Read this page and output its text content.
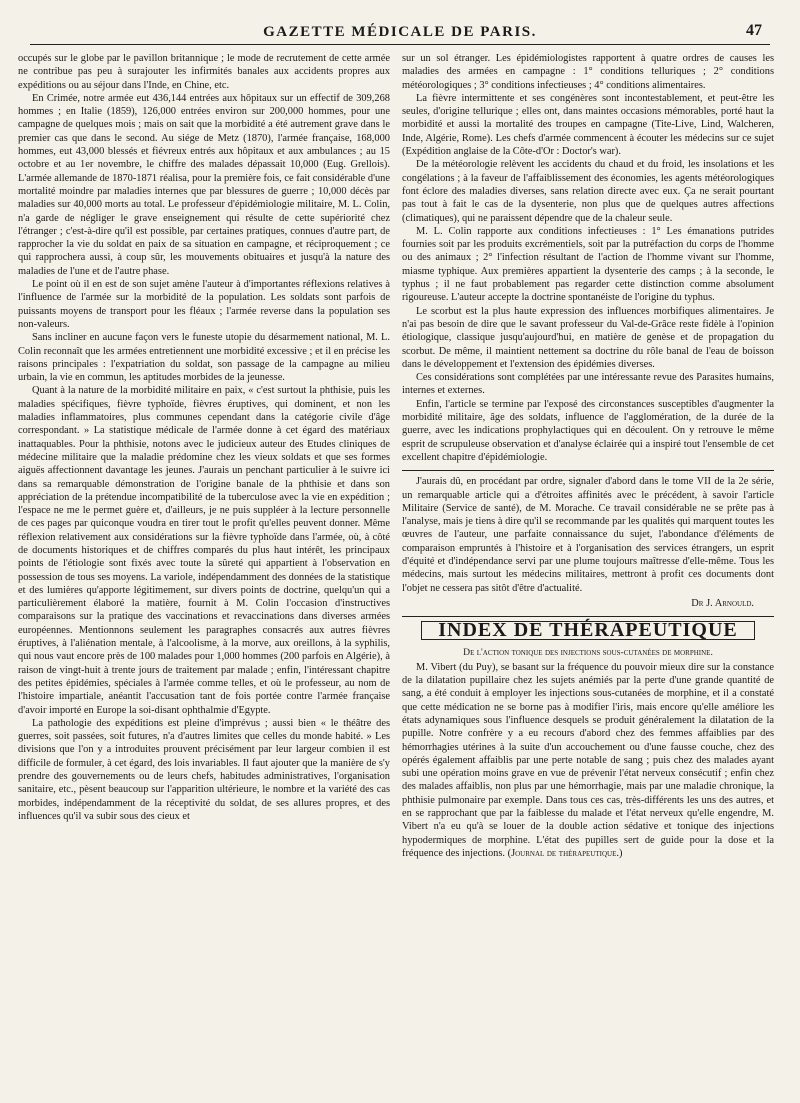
GAZETTE MÉDICALE DE PARIS.	47

occupés sur le globe par le pavillon britannique ; le mode de recrutement de cette armée ne contribue pas peu à surajouter les infirmités banales aux accidents propres aux expéditions ou au séjour dans l'Inde, en Chine, etc.

En Crimée, notre armée eut 436,144 entrées aux hôpitaux sur un effectif de 309,268 hommes ; en Italie (1859), 126,000 entrées environ sur 200,000 hommes, pour une campagne de quelques mois ; mais on sait que la morbidité a été autrement grave dans le premier cas que dans le second. Au siége de Metz (1870), l'armée française, 168,000 hommes, eut 43,000 blessés et fiévreux entrés aux hôpitaux et aux ambulances ; au 15 octobre et au 1er novembre, le chiffre des malades dépassait 10,000 (Eug. Grellois). L'armée allemande de 1870-1871 réalisa, pour la première fois, ce fait considérable d'une mortalité moindre par maladies internes que par blessures de guerre ; 10,000 décès par maladies sur 40,000 morts au total. Le professeur d'épidémiologie militaire, M. L. Colin, n'a garde de négliger le grave enseignement qui résulte de cette supériorité chez l'étranger ; c'est-à-dire qu'il est possible, par certaines pratiques, connues d'autre part, de rapprocher la vie du soldat en paix de sa situation en campagne, et réciproquement ; ce qui rapprochera aussi, à coup sûr, les mouvements obituaires et jusqu'à la nature des maladies de l'une et de l'autre phase.

Le point où il en est de son sujet amène l'auteur à d'importantes réflexions relatives à l'influence de l'armée sur la morbidité de la population. Les soldats sont parfois de puissants moyens de transport pour les fléaux ; l'armée reverse dans la population ses non-valeurs.

Sans incliner en aucune façon vers le funeste utopie du désarmement national, M. L. Colin reconnaît que les armées entretiennent une morbidité excessive ; et il en précise les raisons principales : l'expatriation du soldat, son passage de la campagne au milieu urbain, la vie en commun, les aptitudes morbides de la jeunesse.

Quant à la nature de la morbidité militaire en paix, « c'est surtout la phthisie, puis les maladies spécifiques, fièvre typhoïde, fièvres éruptives, qui dominent, et non les maladies inflammatoires, plus communes cependant dans la catégorie civile d'âge correspondant. » La statistique médicale de l'armée donne à cet égard des matériaux inattaquables. Pour la phthisie, notons avec le judicieux auteur des Etudes cliniques de médecine militaire que la maladie prédomine chez les vieux soldats et que ses formes aiguës affectionnent davantage les jeunes. J'aurais un penchant particulier à le suivre ici dans sa remarquable démonstration de l'origine banale de la phthisie et dans son appréciation de la prétendue incompatibilité de la tuberculose avec la vie en expédition ; l'espace ne me le permet guère et, d'ailleurs, je ne puis suppléer à la lecture personnelle de ces pages par quiconque voudra en tirer tout le profit qu'elles peuvent donner. Même réflexion relativement aux considérations sur la fièvre typhoïde dans l'armée, où, à côté de documents historiques et de chiffres comparés du plus haut intérêt, les principaux points de l'étiologie sont fixés avec toute la sûreté qui appartient à l'observation en possession de tous ses moyens. La variole, indépendamment des données de la statistique et des lumières qu'apporte légitimement, sur divers points de doctrine, quelqu'un qui a particulièrement élaboré la matière, fournit à M. Colin l'occasion d'instructives comparaisons sur la pratique des vaccinations et revaccinations dans diverses armées européennes. Mentionnons seulement les paragraphes consacrés aux autres fièvres éruptives, à l'aliénation mentale, à l'alcoolisme, à la morve, aux oreillons, à la syphilis, qui nous vaut encore près de 100 malades pour 1,000 hommes (200 parfois en Algérie), à raison de vingt-huit à trente jours de traitement par malade ; enfin, l'intéressant chapitre des petites épidémies, spéciales à l'armée comme telles, et où le professeur, au nom de l'histoire impartiale, anéantit l'accusation tant de fois portée contre l'armée française d'avoir importé en Europe la soi-disant ophthalmie d'Egypte.

La pathologie des expéditions est pleine d'imprévus ; aussi bien « le théâtre des guerres, soit passées, soit futures, n'a d'autres limites que celles du monde habité. » Les divisions que l'on y a introduites prouvent précisément par leur largeur combien il est difficile de formuler, à cet égard, des lois invariables. Il faut ajouter que la manière de s'y prendre des gouvernements ou de leurs chefs, habitudes administratives, l'organisation sanitaire, etc., pèsent beaucoup sur l'apparition ultérieure, le nombre et la variété des cas morbides, indépendamment de la réceptivité du soldat, de ses allures propres, et des influences qu'il va subir sous des cieux et

sur un sol étranger. Les épidémiologistes rapportent à quatre ordres de causes les maladies des armées en campagne : 1° conditions telluriques ; 2° conditions météorologiques ; 3° conditions infectieuses ; 4° conditions alimentaires.

La fièvre intermittente et ses congénères sont incontestablement, et peut-être les seules, d'origine tellurique ; elles ont, dans maintes occasions mémorables, porté haut la morbidité et aussi la mortalité des troupes en campagne (Tite-Live, Lind, Walcheren, Inde, Algérie, Rome). Les chefs d'armée commencent à écouter les médecins sur ce sujet (Expédition anglaise de la Côte-d'Or : Doctor's war).

De la météorologie relèvent les accidents du chaud et du froid, les insolations et les congélations ; à la faveur de l'affaiblissement des économies, les agents météorologiques font éclore des maladies diverses, sans relation directe avec eux. Ça ne serait pourtant pas tout à fait le cas de la dysenterie, non plus que de quelques autres affections (climatiques), qui ne paraissent dépendre que de la chaleur seule.

M. L. Colin rapporte aux conditions infectieuses : 1° Les émanations putrides fournies soit par les produits excrémentiels, soit par la putréfaction du corps de l'homme ou des animaux ; 2° l'infection résultant de l'action de l'homme vivant sur l'homme, miasme typhique. Aux premières appartient la dysenterie des camps ; à la seconde, le typhus ; il ne faut probablement pas regarder cette distinction comme absolument rigoureuse. L'auteur accepte la doctrine spontanéiste de l'origine du typhus.

Le scorbut est la plus haute expression des influences morbifiques alimentaires. Je n'ai pas besoin de dire que le savant professeur du Val-de-Grâce reste fidèle à l'opinion étiologique, classique jusqu'aujourd'hui, en matière de genèse et de propagation du scorbut. De même, il maintient nettement sa doctrine du rôle banal de l'eau de boisson dans le développement et l'extension des épidémies diverses.

Ces considérations sont complétées par une intéressante revue des Parasites humains, internes et externes.

Enfin, l'article se termine par l'exposé des circonstances susceptibles d'augmenter la morbidité militaire, âge des soldats, influence de l'agglomération, de la durée de la guerre, avec les indications prophylactiques qui en découlent. On y retrouve le même esprit de scrupuleuse observation et d'analyse éclairée qui a inspiré tout l'ensemble de cet excellent chapitre d'épidémiologie.

J'aurais dû, en procédant par ordre, signaler d'abord dans le tome VII de la 2e série, un remarquable article qui a d'étroites affinités avec le précédent, à savoir l'article Militaire (Service de santé), de M. Morache. Ce travail considérable ne se prête pas à l'analyse, mais je tiens à dire qu'il se recommande par les qualités qui marquent toutes les œuvres de l'auteur, une parfaite connaissance du sujet, l'abondance d'éléments de comparaison empruntés à l'histoire et à l'organisation des services étrangers, un esprit d'équité et d'indépendance servi par une plume toujours maîtresse d'elle-même. Tous les médecins, mais surtout les médecins militaires, mettront à profit ces documents dont l'objet ne cessera pas sitôt d'être d'actualité.

Dr J. Arnould.

INDEX DE THÉRAPEUTIQUE
De l'action tonique des injections sous-cutanées de morphine.

M. Vibert (du Puy), se basant sur la fréquence du pouvoir mieux dire sur la constance de la dilatation pupillaire chez les sujets anémiés par la perte d'une grande quantité de sang, a été conduit à employer les injections sous-cutanées de morphine, et il a constaté que cette médication ne se borne pas à modifier l'iris, mais encore qu'elle améliore les états adynamiques sous l'influence desquels se produit généralement la dilatation de la pupille. Notre confrère y a eu recours d'abord chez des femmes affaiblies par des hémorrhagies utérines à la suite d'un accouchement ou d'une fausse couche, chez des opérés également affaiblis par une perte notable de sang ; puis chez des malades ayant subi une opération moins grave en vue de prévenir l'état nerveux consécutif ; enfin chez des malades affaiblis, non plus par une hémorrhagie, mais par une maladie chronique, la phthisie pulmonaire par exemple. Dans tous ces cas, très-différents les uns des autres, et en se rapprochant que par la faiblesse du malade et l'état nerveux qu'elle engendre, M. Vibert n'a eu qu'à se louer de la double action sédative et tonique des injections hypodermiques de morphine. L'état des pupilles sert de guide pour la dose et la fréquence des injections. (Journal de thérapeutique.)
